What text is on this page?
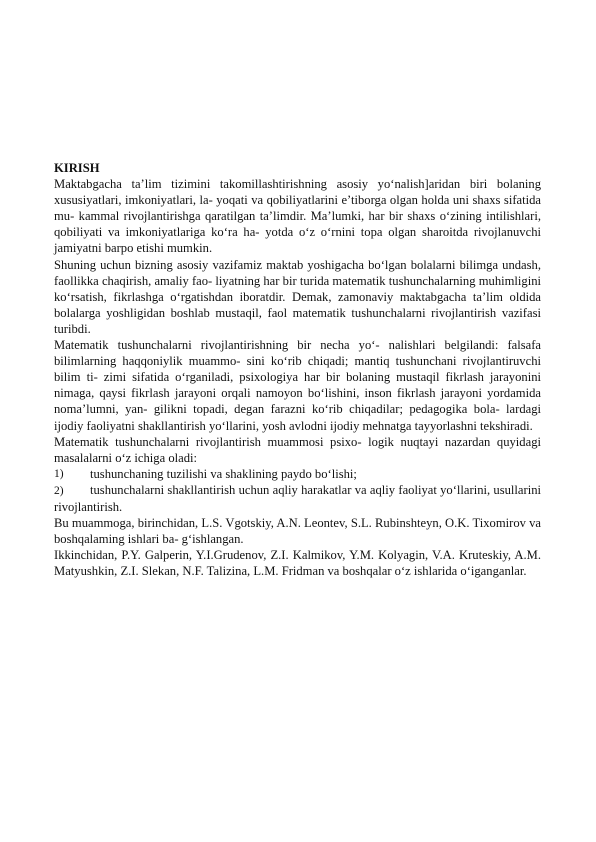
KIRISH

Maktabgacha ta’lim tizimini takomillashtirishning asosiy yo‘nalish]aridan biri bolaning xususiyatlari, imkoniyatlari, la- yoqati va qobiliyatlarini e’tiborga olgan holda uni shaxs sifatida mu- kammal rivojlantirishga qaratilgan ta’limdir. Ma’lumki, har bir shaxs o‘zining intilishlari, qobiliyati va imkoniyatlariga ko‘ra ha- yotda o‘z o‘rnini topa olgan sharoitda rivojlanuvchi jamiyatni barpo etishi mumkin.

Shuning uchun bizning asosiy vazifamiz maktab yoshigacha bo‘lgan bolalarni bilimga undash, faollikka chaqirish, amaliy fao- liyatning har bir turida matematik tushunchalarning muhimligini ko‘rsatish, fikrlashga o‘rgatishdan iboratdir. Demak, zamonaviy maktabgacha ta’lim oldida bolalarga yoshligidan boshlab mustaqil, faol matematik tushunchalarni rivojlantirish vazifasi turibdi.

Matematik tushunchalarni rivojlantirishning bir necha yo‘- nalishlari belgilandi: falsafa bilimlarning haqqoniylik muammo- sini ko‘rib chiqadi; mantiq tushunchani rivojlantiruvchi bilim ti- zimi sifatida o‘rganiladi, psixologiya har bir bolaning mustaqil fikrlash jarayonini nimaga, qaysi fikrlash jarayoni orqali namoyon bo‘lishini, inson fikrlash jarayoni yordamida noma’lumni, yan- gilikni topadi, degan farazni ko‘rib chiqadilar; pedagogika bola- lardagi ijodiy faoliyatni shakllantirish yo‘llarini, yosh avlodni ijodiy mehnatga tayyorlashni tekshiradi.

Matematik tushunchalarni rivojlantirish muammosi psixo- logik nuqtayi nazardan quyidagi masalalarni o‘z ichiga oladi:

1)	tushunchaning tuzilishi va shaklining paydo bo‘lishi;
2) tushunchalarni shakllantirish uchun aqliy harakatlar va aqliy faoliyat yo‘llarini, usullarini rivojlantirish.

Bu muammoga, birinchidan, L.S. Vgotskiy, A.N. Leontev, S.L. Rubinshteyn, O.K. Tixomirov va boshqalaming ishlari ba- g‘ishlangan.

Ikkinchidan, P.Y. Galperin, Y.I.Grudenov, Z.I. Kalmikov, Y.M. Kolyagin, V.A. Kruteskiy, A.M. Matyushkin, Z.I. Slekan, N.F. Talizina, L.M. Fridman va boshqalar o‘z ishlarida o‘iganganlar.
